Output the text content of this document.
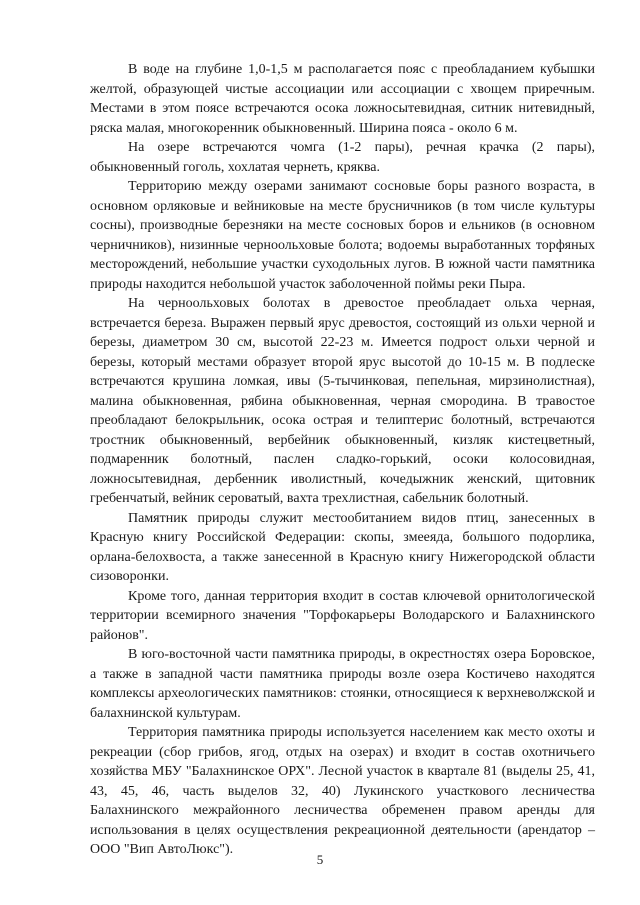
В воде на глубине 1,0-1,5 м располагается пояс с преобладанием кубышки желтой, образующей чистые ассоциации или ассоциации с хвощем приречным. Местами в этом поясе встречаются осока ложносытевидная, ситник нитевидный, ряска малая, многокоренник обыкновенный. Ширина пояса - около 6 м.

На озере встречаются чомга (1-2 пары), речная крачка (2 пары), обыкновенный гоголь, хохлатая чернеть, кряква.

Территорию между озерами занимают сосновые боры разного возраста, в основном орляковые и вейниковые на месте брусничников (в том числе культуры сосны), производные березняки на месте сосновых боров и ельников (в основном черничников), низинные черноольховые болота; водоемы выработанных торфяных месторождений, небольшие участки суходольных лугов. В южной части памятника природы находится небольшой участок заболоченной поймы реки Пыра.

На черноольховых болотах в древостое преобладает ольха черная, встречается береза. Выражен первый ярус древостоя, состоящий из ольхи черной и березы, диаметром 30 см, высотой 22-23 м. Имеется подрост ольхи черной и березы, который местами образует второй ярус высотой до 10-15 м. В подлеске встречаются крушина ломкая, ивы (5-тычинковая, пепельная, мирзинолистная), малина обыкновенная, рябина обыкновенная, черная смородина. В травостое преобладают белокрыльник, осока острая и телиптерис болотный, встречаются тростник обыкновенный, вербейник обыкновенный, кизляк кистецветный, подмаренник болотный, паслен сладко-горький, осоки колосовидная, ложносытевидная, дербенник иволистный, кочедыжник женский, щитовник гребенчатый, вейник сероватый, вахта трехлистная, сабельник болотный.

Памятник природы служит местообитанием видов птиц, занесенных в Красную книгу Российской Федерации: скопы, змееяда, большого подорлика, орлана-белохвоста, а также занесенной в Красную книгу Нижегородской области сизоворонки.

Кроме того, данная территория входит в состав ключевой орнитологической территории всемирного значения "Торфокарьеры Володарского и Балахнинского районов".

В юго-восточной части памятника природы, в окрестностях озера Боровское, а также в западной части памятника природы возле озера Костичево находятся комплексы археологических памятников: стоянки, относящиеся к верхневолжской и балахнинской культурам.

Территория памятника природы используется населением как место охоты и рекреации (сбор грибов, ягод, отдых на озерах) и входит в состав охотничьего хозяйства МБУ "Балахнинское ОРХ". Лесной участок в квартале 81 (выделы 25, 41, 43, 45, 46, часть выделов 32, 40) Лукинского участкового лесничества Балахнинского межрайонного лесничества обременен правом аренды для использования в целях осуществления рекреационной деятельности (арендатор – ООО "Вип АвтоЛюкс").

5
